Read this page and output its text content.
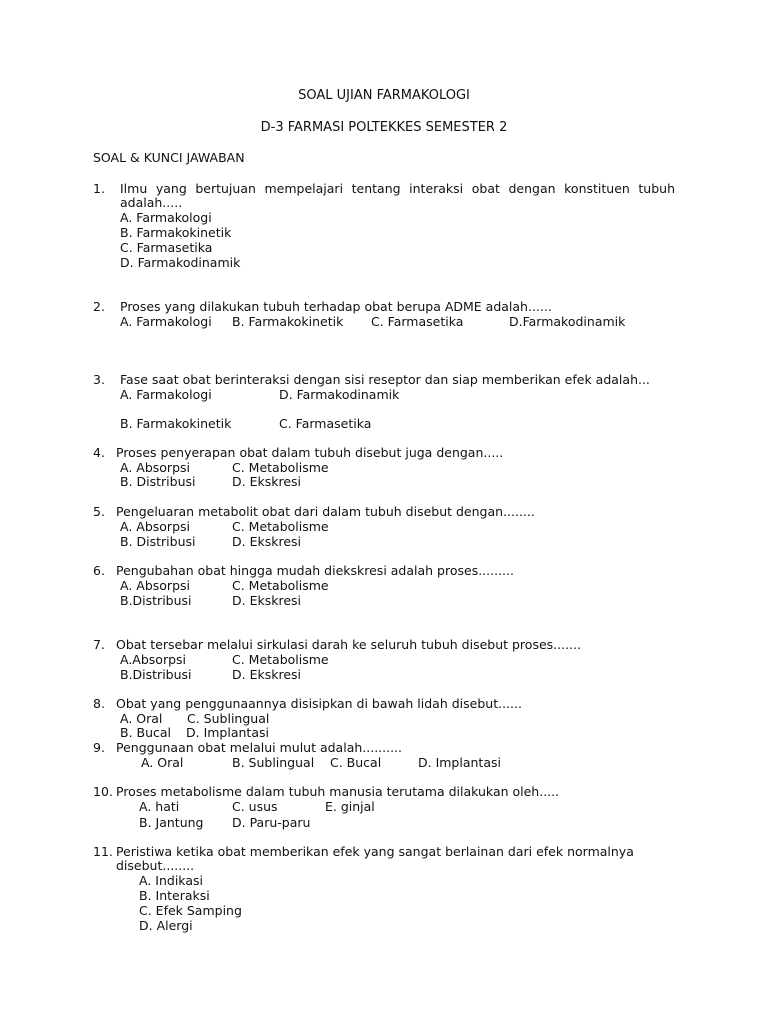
SOAL UJIAN FARMAKOLOGI
D-3 FARMASI POLTEKKES SEMESTER 2
SOAL & KUNCI JAWABAN
1. Ilmu yang bertujuan mempelajari tentang interaksi obat dengan konstituen tubuh
adalah.....
A. Farmakologi
B. Farmakokinetik
C. Farmasetika
D. Farmakodinamik
2. Proses yang dilakukan tubuh terhadap obat berupa ADME adalah......
A. Farmakologi B. Farmakokinetik C. Farmasetika	D.Farmakodinamik
3. Fase saat obat berinteraksi dengan sisi reseptor dan siap memberikan efek adalah...
A. Farmakologi	D. Farmakodinamik
B. Farmakokinetik	C. Farmasetika
4. Proses penyerapan obat dalam tubuh disebut juga dengan.....
A. Absorpsi	C. Metabolisme
B. Distribusi	D. Ekskresi
5. Pengeluaran metabolit obat dari dalam tubuh disebut dengan........
A. Absorpsi	C. Metabolisme
B. Distribusi	D. Ekskresi
6. Pengubahan obat hingga mudah diekskresi adalah proses.........
A. Absorpsi	C. Metabolisme
B.Distribusi	D. Ekskresi
7. Obat tersebar melalui sirkulasi darah ke seluruh tubuh disebut proses.......
A.Absorpsi	C. Metabolisme
B.Distribusi	D. Ekskresi
8. Obat yang penggunaannya disisipkan di bawah lidah disebut......
A. Oral C. Sublingual
B. Bucal D. Implantasi
9. Penggunaan obat melalui mulut adalah..........
A. Oral	B. Sublingual C. Bucal	D. Implantasi
10. Proses metabolisme dalam tubuh manusia terutama dilakukan oleh.....
A. hati	C. usus	E. ginjal
B. Jantung D. Paru-paru
11. Peristiwa ketika obat memberikan efek yang sangat berlainan dari efek normalnya
disebut........
A. Indikasi
B. Interaksi
C. Efek Samping
D. Alergi
